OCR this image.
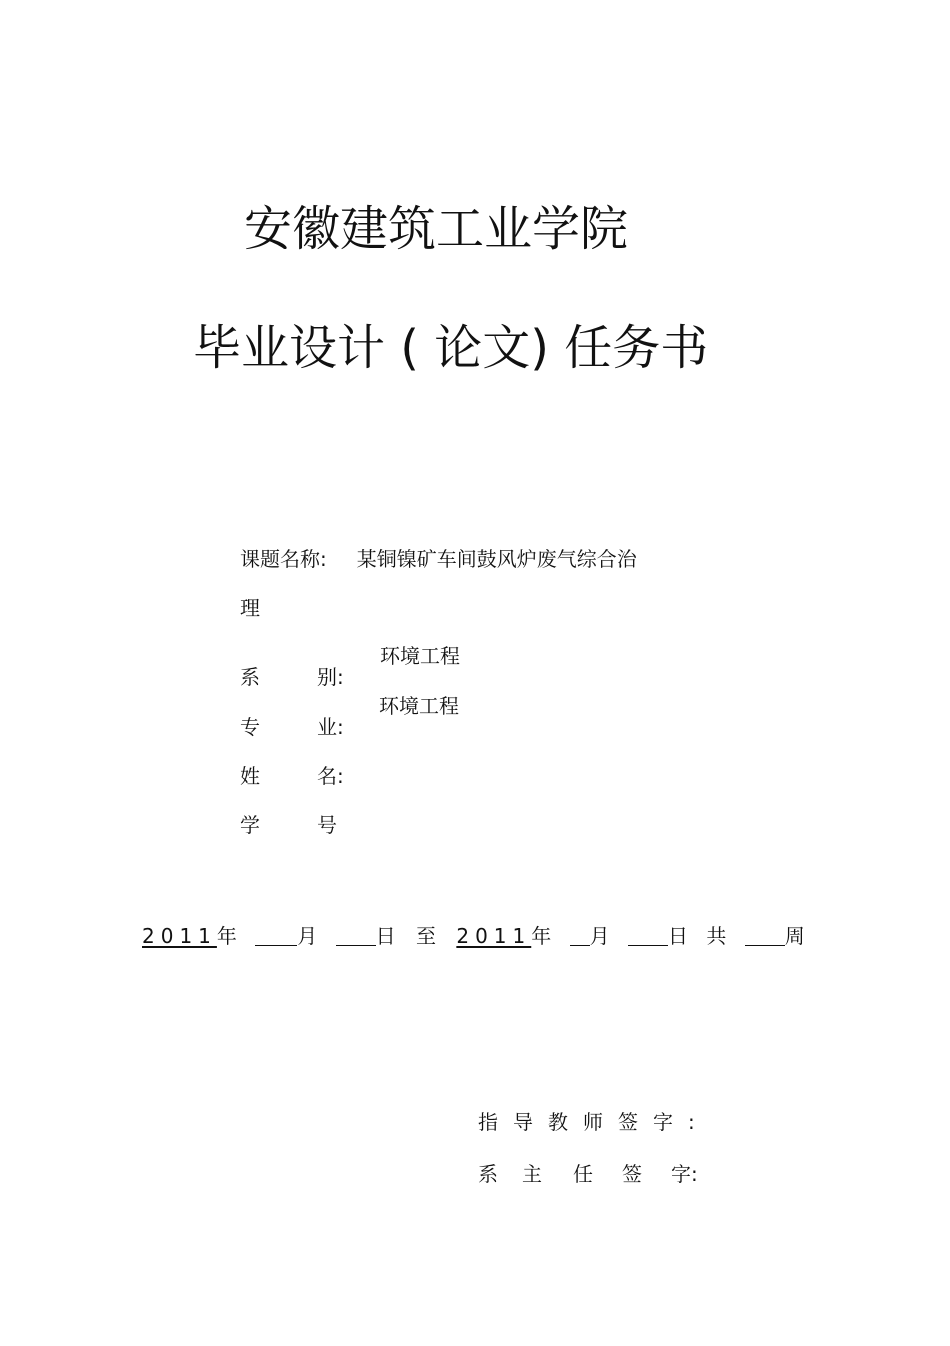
安徽建筑工业学院
毕业设计 ( 论文) 任务书
课题名称: 某铜镍矿车间鼓风炉废气综合治
理
系	别:
环境工程
专	业:
环境工程
姓	名:
学	号
2011年	月	日 至 2011年 月	日 共	周
指导教师签字:
系 主 任 签 字:
